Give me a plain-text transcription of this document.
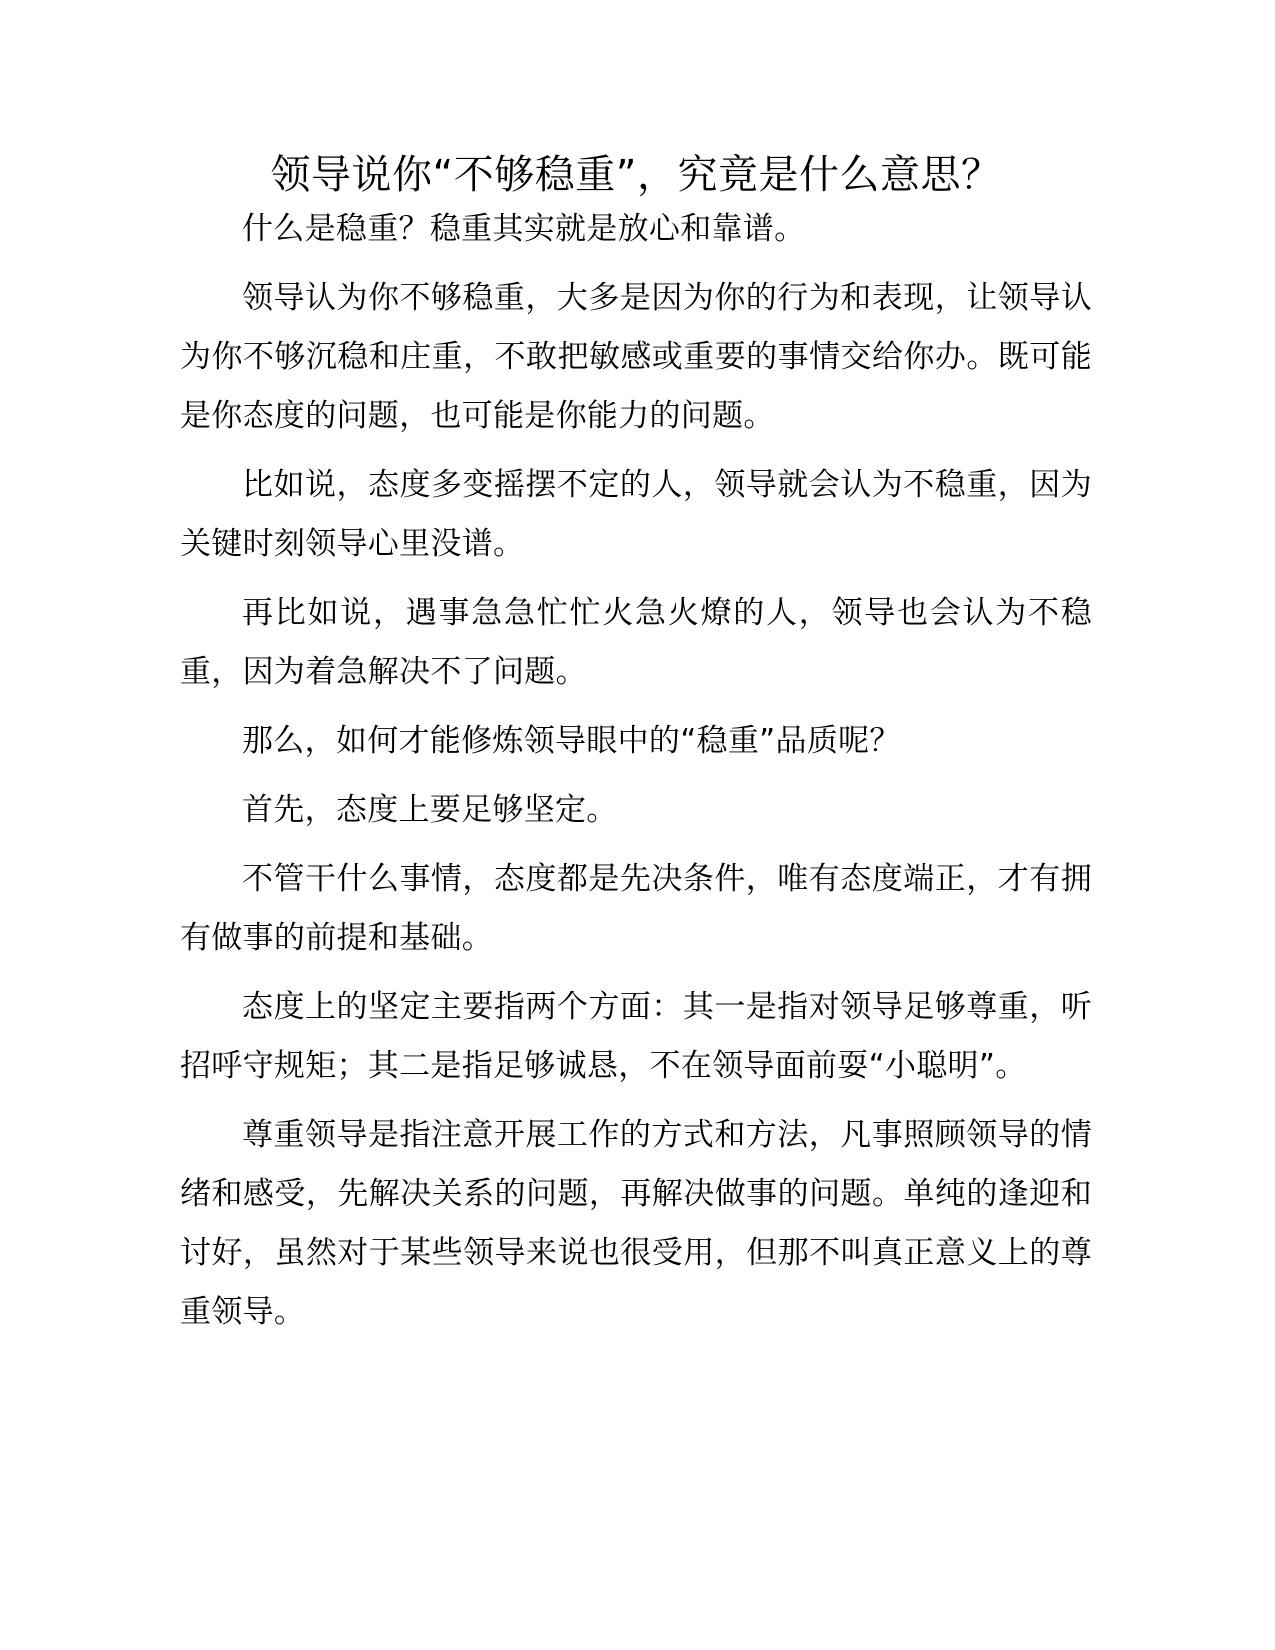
领导说你“不够稳重”，究竟是什么意思？

什么是稳重？稳重其实就是放心和靠谱。

领导认为你不够稳重，大多是因为你的行为和表现，让领导认为你不够沉稳和庄重，不敢把敏感或重要的事情交给你办。既可能是你态度的问题，也可能是你能力的问题。

比如说，态度多变摇摆不定的人，领导就会认为不稳重，因为关键时刻领导心里没谱。

再比如说，遇事急急忙忙火急火燎的人，领导也会认为不稳重，因为着急解决不了问题。

那么，如何才能修炼领导眼中的“稳重”品质呢？

首先，态度上要足够坚定。

不管干什么事情，态度都是先决条件，唯有态度端正，才有拥有做事的前提和基础。

态度上的坚定主要指两个方面：其一是指对领导足够尊重，听招呼守规矩；其二是指足够诚恳，不在领导面前耍“小聪明”。

尊重领导是指注意开展工作的方式和方法，凡事照顾领导的情绪和感受，先解决关系的问题，再解决做事的问题。单纯的逢迎和讨好，虽然对于某些领导来说也很受用，但那不叫真正意义上的尊重领导。
